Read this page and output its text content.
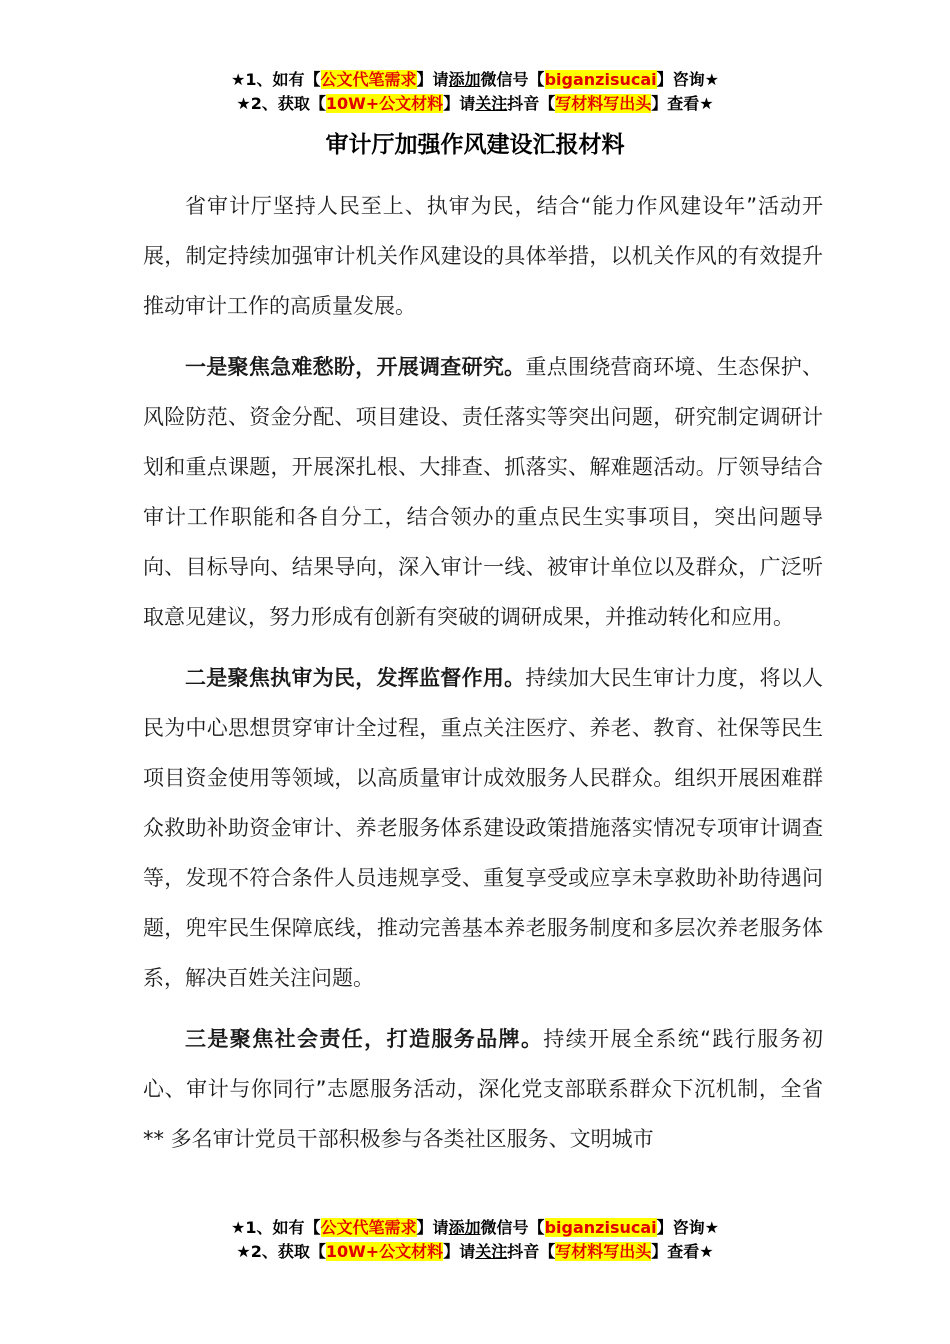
★1、如有【公文代笔需求】请添加微信号【biganzisucai】咨询★
★2、获取【10W+公文材料】请关注抖音【写材料写出头】查看★
审计厅加强作风建设汇报材料

省审计厅坚持人民至上、执审为民，结合“能力作风建设年”活动开展，制定持续加强审计机关作风建设的具体举措，以机关作风的有效提升推动审计工作的高质量发展。

一是聚焦急难愁盼，开展调查研究。重点围绕营商环境、生态保护、风险防范、资金分配、项目建设、责任落实等突出问题，研究制定调研计划和重点课题，开展深扎根、大排查、抓落实、解难题活动。厅领导结合审计工作职能和各自分工，结合领办的重点民生实事项目，突出问题导向、目标导向、结果导向，深入审计一线、被审计单位以及群众，广泛听取意见建议，努力形成有创新有突破的调研成果，并推动转化和应用。

二是聚焦执审为民，发挥监督作用。持续加大民生审计力度，将以人民为中心思想贯穿审计全过程，重点关注医疗、养老、教育、社保等民生项目资金使用等领域，以高质量审计成效服务人民群众。组织开展困难群众救助补助资金审计、养老服务体系建设政策措施落实情况专项审计调查等，发现不符合条件人员违规享受、重复享受或应享未享救助补助待遇问题，兜牢民生保障底线，推动完善基本养老服务制度和多层次养老服务体系，解决百姓关注问题。

三是聚焦社会责任，打造服务品牌。持续开展全系统“践行服务初心、审计与你同行”志愿服务活动，深化党支部联系群众下沉机制，全省 ** 多名审计党员干部积极参与各类社区服务、文明城市

★1、如有【公文代笔需求】请添加微信号【biganzisucai】咨询★
★2、获取【10W+公文材料】请关注抖音【写材料写出头】查看★
